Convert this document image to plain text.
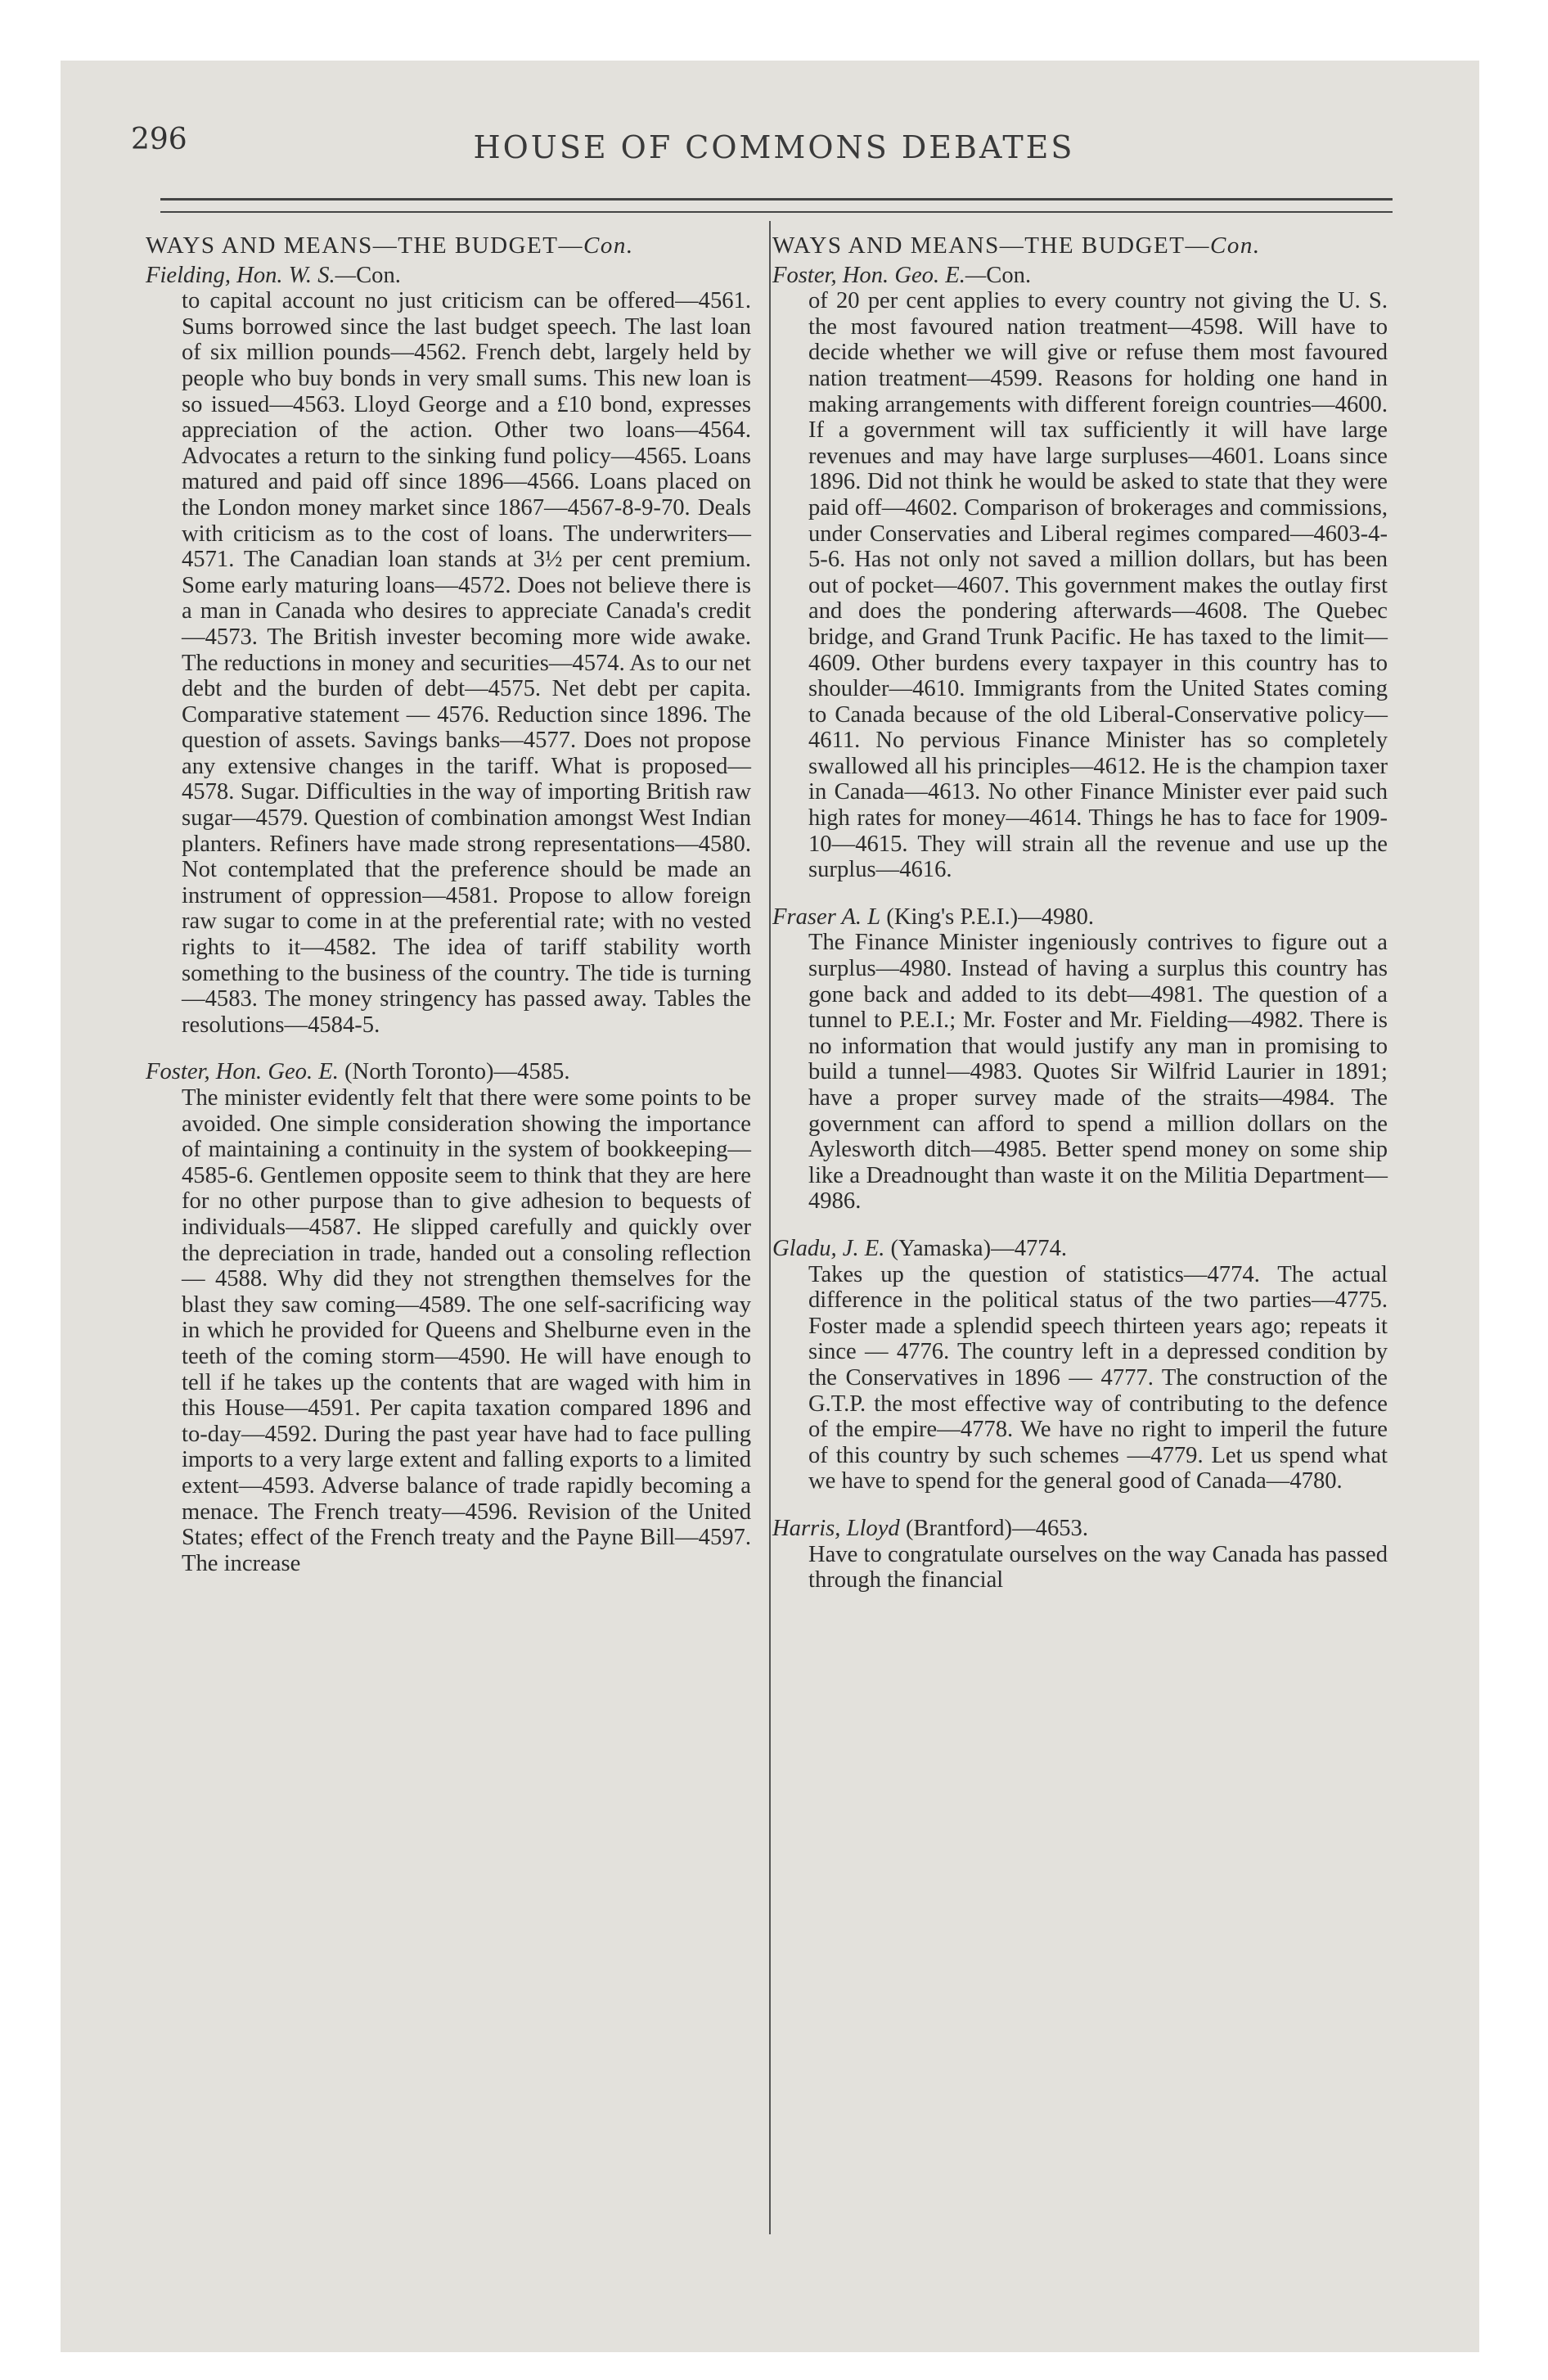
296	HOUSE OF COMMONS DEBATES
WAYS AND MEANS—THE BUDGET—Con.
Fielding, Hon. W. S.—Con.
to capital account no just criticism can be offered—4561. Sums borrowed since the last budget speech. The last loan of six million pounds—4562. French debt, largely held by people who buy bonds in very small sums. This new loan is so issued—4563. Lloyd George and a £10 bond, expresses appreciation of the action. Other two loans—4564. Advocates a return to the sinking fund policy—4565. Loans matured and paid off since 1896—4566. Loans placed on the London money market since 1867—4567-8-9-70. Deals with criticism as to the cost of loans. The underwriters—4571. The Canadian loan stands at 3½ per cent premium. Some early maturing loans—4572. Does not believe there is a man in Canada who desires to appreciate Canada's credit—4573. The British invester becoming more wide awake. The reductions in money and securities—4574. As to our net debt and the burden of debt—4575. Net debt per capita. Comparative statement — 4576. Reduction since 1896. The question of assets. Savings banks—4577. Does not propose any extensive changes in the tariff. What is proposed—4578. Sugar. Difficulties in the way of importing British raw sugar—4579. Question of combination amongst West Indian planters. Refiners have made strong representations—4580. Not contemplated that the preference should be made an instrument of oppression—4581. Propose to allow foreign raw sugar to come in at the preferential rate; with no vested rights to it—4582. The idea of tariff stability worth something to the business of the country. The tide is turning—4583. The money stringency has passed away. Tables the resolutions—4584-5.
Foster, Hon. Geo. E. (North Toronto)—4585.
The minister evidently felt that there were some points to be avoided. One simple consideration showing the importance of maintaining a continuity in the system of bookkeeping—4585-6. Gentlemen opposite seem to think that they are here for no other purpose than to give adhesion to bequests of individuals—4587. He slipped carefully and quickly over the depreciation in trade, handed out a consoling reflection — 4588. Why did they not strengthen themselves for the blast they saw coming—4589. The one self-sacrificing way in which he provided for Queens and Shelburne even in the teeth of the coming storm—4590. He will have enough to tell if he takes up the contents that are waged with him in this House—4591. Per capita taxation compared 1896 and to-day—4592. During the past year have had to face pulling imports to a very large extent and falling exports to a limited extent—4593. Adverse balance of trade rapidly becoming a menace. The French treaty—4596. Revision of the United States; effect of the French treaty and the Payne Bill—4597. The increase
WAYS AND MEANS—THE BUDGET—Con.
Foster, Hon. Geo. E.—Con.
of 20 per cent applies to every country not giving the U. S. the most favoured nation treatment—4598. Will have to decide whether we will give or refuse them most favoured nation treatment—4599. Reasons for holding one hand in making arrangements with different foreign countries—4600. If a government will tax sufficiently it will have large revenues and may have large surpluses—4601. Loans since 1896. Did not think he would be asked to state that they were paid off—4602. Comparison of brokerages and commissions, under Conservaties and Liberal regimes compared—4603-4-5-6. Has not only not saved a million dollars, but has been out of pocket—4607. This government makes the outlay first and does the pondering afterwards—4608. The Quebec bridge, and Grand Trunk Pacific. He has taxed to the limit—4609. Other burdens every taxpayer in this country has to shoulder—4610. Immigrants from the United States coming to Canada because of the old Liberal-Conservative policy—4611. No pervious Finance Minister has so completely swallowed all his principles—4612. He is the champion taxer in Canada—4613. No other Finance Minister ever paid such high rates for money—4614. Things he has to face for 1909-10—4615. They will strain all the revenue and use up the surplus—4616.
Fraser A. L (King's P.E.I.)—4980.
The Finance Minister ingeniously contrives to figure out a surplus—4980. Instead of having a surplus this country has gone back and added to its debt—4981. The question of a tunnel to P.E.I.; Mr. Foster and Mr. Fielding—4982. There is no information that would justify any man in promising to build a tunnel—4983. Quotes Sir Wilfrid Laurier in 1891; have a proper survey made of the straits—4984. The government can afford to spend a million dollars on the Aylesworth ditch—4985. Better spend money on some ship like a Dreadnought than waste it on the Militia Department—4986.
Gladu, J. E. (Yamaska)—4774.
Takes up the question of statistics—4774. The actual difference in the political status of the two parties—4775. Foster made a splendid speech thirteen years ago; repeats it since — 4776. The country left in a depressed condition by the Conservatives in 1896 — 4777. The construction of the G.T.P. the most effective way of contributing to the defence of the empire—4778. We have no right to imperil the future of this country by such schemes —4779. Let us spend what we have to spend for the general good of Canada—4780.
Harris, Lloyd (Brantford)—4653.
Have to congratulate ourselves on the way Canada has passed through the financial
